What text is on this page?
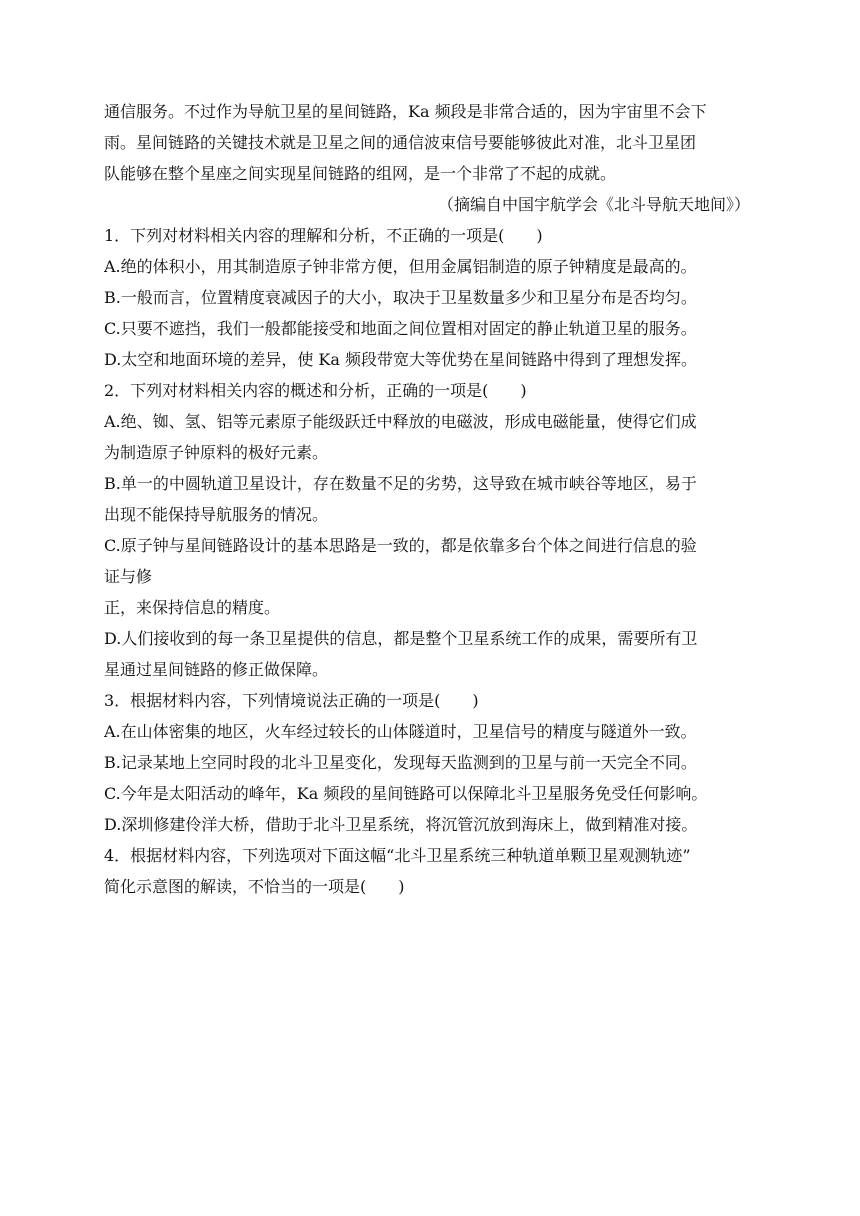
通信服务。不过作为导航卫星的星间链路，Ka 频段是非常合适的，因为宇宙里不会下
雨。星间链路的关键技术就是卫星之间的通信波束信号要能够彼此对准，北斗卫星团
队能够在整个星座之间实现星间链路的组网，是一个非常了不起的成就。
（摘编自中国宇航学会《北斗导航天地间》）
1．下列对材料相关内容的理解和分析，不正确的一项是(　　)
A.绝的体积小，用其制造原子钟非常方便，但用金属铝制造的原子钟精度是最高的。
B.一般而言，位置精度衰减因子的大小，取决于卫星数量多少和卫星分布是否均匀。
C.只要不遮挡，我们一般都能接受和地面之间位置相对固定的静止轨道卫星的服务。
D.太空和地面环境的差异，使 Ka 频段带宽大等优势在星间链路中得到了理想发挥。
2．下列对材料相关内容的概述和分析，正确的一项是(　　)
A.绝、铷、氢、铝等元素原子能级跃迁中释放的电磁波，形成电磁能量，使得它们成
为制造原子钟原料的极好元素。
B.单一的中圆轨道卫星设计，存在数量不足的劣势，这导致在城市峡谷等地区，易于
出现不能保持导航服务的情况。
C.原子钟与星间链路设计的基本思路是一致的，都是依靠多台个体之间进行信息的验
证与修
正，来保持信息的精度。
D.人们接收到的每一条卫星提供的信息，都是整个卫星系统工作的成果，需要所有卫
星通过星间链路的修正做保障。
3．根据材料内容，下列情境说法正确的一项是(　　)
A.在山体密集的地区，火车经过较长的山体隧道时，卫星信号的精度与隧道外一致。
B.记录某地上空同时段的北斗卫星变化，发现每天监测到的卫星与前一天完全不同。
C.今年是太阳活动的峰年，Ka 频段的星间链路可以保障北斗卫星服务免受任何影响。
D.深圳修建伶洋大桥，借助于北斗卫星系统，将沉管沉放到海床上，做到精准对接。
4．根据材料内容，下列选项对下面这幅“北斗卫星系统三种轨道单颗卫星观测轨迹”
简化示意图的解读，不恰当的一项是(　　)
